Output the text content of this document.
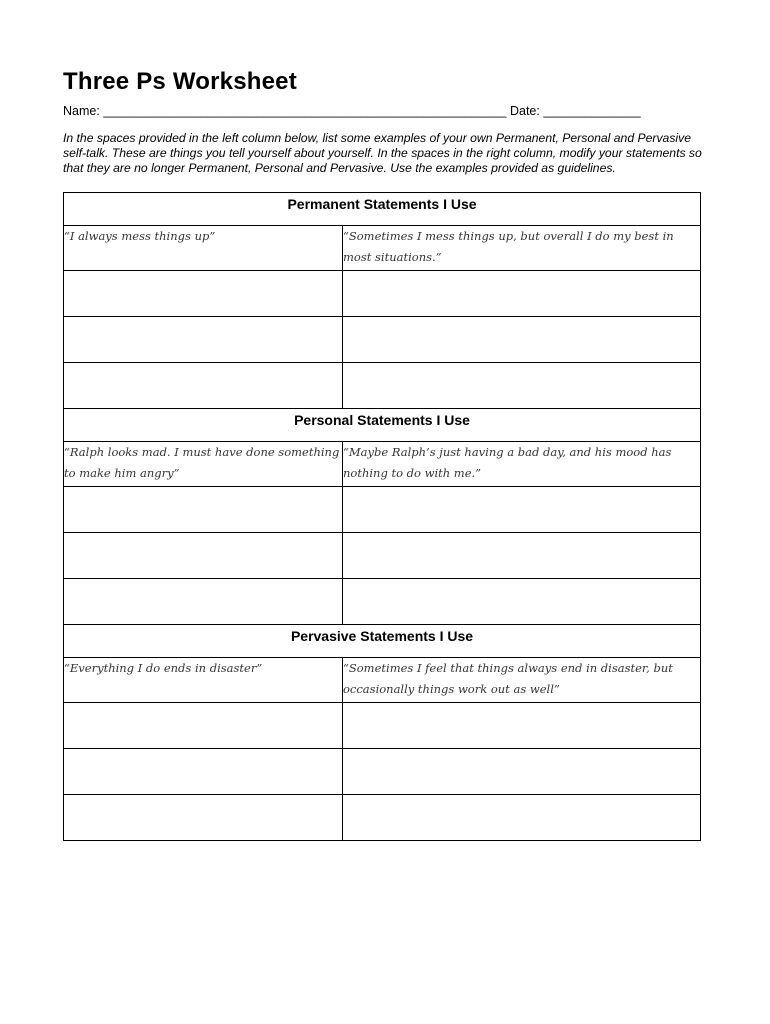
Three Ps Worksheet
Name: __________________________________________________________ Date: ______________
In the spaces provided in the left column below, list some examples of your own Permanent, Personal and Pervasive self-talk. These are things you tell yourself about yourself. In the spaces in the right column, modify your statements so that they are no longer Permanent, Personal and Pervasive. Use the examples provided as guidelines.
Permanent Statements I Use	
“I always mess things up”	“Sometimes I mess things up, but overall I do my best in most situations.”

Personal Statements I Use	
“Ralph looks mad. I must have done something to make him angry”	“Maybe Ralph’s just having a bad day, and his mood has nothing to do with me.”

Pervasive Statements I Use	
“Everything I do ends in disaster”	“Sometimes I feel that things always end in disaster, but occasionally things work out as well”
